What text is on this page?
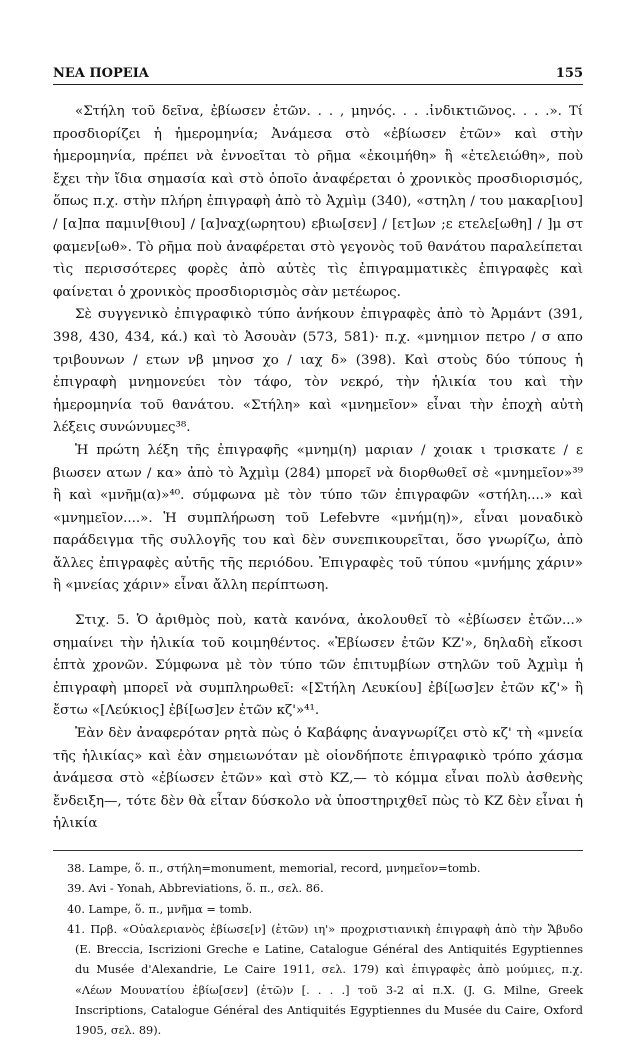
ΝΕΑ ΠΟΡΕΙΑ	155

«Στήλη τοῦ δεῖνα, ἐβίωσεν ἐτῶν. . . , μηνός. . . .ἰνδικτιῶνος. . . .». Τί προσδιορίζει ἡ ἡμερομηνία; Ἀνάμεσα στὸ «ἐβίωσεν ἐτῶν» καὶ στὴν ἡμερομηνία, πρέπει νὰ ἐννοεῖται τὸ ρῆμα «ἐκοιμήθη» ἢ «ἐτελειώθη», ποὺ ἔχει τὴν ἴδια σημασία καὶ στὸ ὁποῖο ἀναφέρεται ὁ χρονικὸς προσδιορισμός, ὅπως π.χ. στὴν πλήρη ἐπιγραφὴ ἀπὸ τὸ Ἀχμὶμ (340), «στηλη / του μακαρ[ιου] / [α]πα παμιν[θιου] / [α]ναχ(ωρητου) εβιω[σεν] / [ετ]ων ;ε ετελε[ωθη] / ]μ στ φαμεν[ωθ». Τὸ ρῆμα ποὺ ἀναφέρεται στὸ γεγονὸς τοῦ θανάτου παραλείπεται τὶς περισσότερες φορὲς ἀπὸ αὐτὲς τὶς ἐπιγραμματικὲς ἐπιγραφὲς καὶ φαίνεται ὁ χρονικὸς προσδιορισμὸς σὰν μετέωρος.

Σὲ συγγενικὸ ἐπιγραφικὸ τύπο ἀνήκουν ἐπιγραφὲς ἀπὸ τὸ Ἁρμάντ (391, 398, 430, 434, κά.) καὶ τὸ Ἀσουὰν (573, 581)· π.χ. «μνημιον πετρο / σ απο τριβουνων / ετων νβ μηνοσ χο / ιαχ δ» (398). Καὶ στοὺς δύο τύπους ἡ ἐπιγραφὴ μνημονεύει τὸν τάφο, τὸν νεκρό, τὴν ἡλικία του καὶ τὴν ἡμερομηνία τοῦ θανάτου. «Στήλη» καὶ «μνημεῖον» εἶναι τὴν ἐποχὴ αὐτὴ λέξεις συνώνυμες³⁸.

Ἡ πρώτη λέξη τῆς ἐπιγραφῆς «μνημ(η) μαριαν / χοιακ ι τρισκατε / ε βιωσεν ατων / κα» ἀπὸ τὸ Ἀχμὶμ (284) μπορεῖ νὰ διορθωθεῖ σὲ «μνημεῖον»³⁹ ἢ καὶ «μνῆμ(α)»⁴⁰. σύμφωνα μὲ τὸν τύπο τῶν ἐπιγραφῶν «στήλη....» καὶ «μνημεῖον....». Ἡ συμπλήρωση τοῦ Lefebvre «μνήμ(η)», εἶναι μοναδικὸ παράδειγμα τῆς συλλογῆς του καὶ δὲν συνεπικουρεῖται, ὅσο γνωρίζω, ἀπὸ ἄλλες ἐπιγραφὲς αὐτῆς τῆς περιόδου. Ἐπιγραφὲς τοῦ τύπου «μνήμης χάριν» ἢ «μνείας χάριν» εἶναι ἄλλη περίπτωση.

Στιχ. 5. Ὁ ἀριθμὸς ποὺ, κατὰ κανόνα, ἀκολουθεῖ τὸ «ἐβίωσεν ἐτῶν...» σημαίνει τὴν ἡλικία τοῦ κοιμηθέντος. «Ἐβίωσεν ἐτῶν ΚΖ'», δηλαδὴ εἴκοσι ἑπτὰ χρονῶν. Σύμφωνα μὲ τὸν τύπο τῶν ἐπιτυμβίων στηλῶν τοῦ Ἀχμὶμ ἡ ἐπιγραφὴ μπορεῖ νὰ συμπληρωθεῖ: «[Στήλη Λευκίου] ἐβί[ωσ]εν ἐτῶν κζ'» ἢ ἔστω «[Λεύκιος] ἐβί[ωσ]εν ἐτῶν κζ'»⁴¹.

Ἐὰν δὲν ἀναφερόταν ρητὰ πὼς ὁ Καβάφης ἀναγνωρίζει στὸ κζ' τὴ «μνεία τῆς ἡλικίας» καὶ ἐὰν σημειωνόταν μὲ οἱονδήποτε ἐπιγραφικὸ τρόπο χάσμα ἀνάμεσα στὸ «ἐβίωσεν ἐτῶν» καὶ στὸ ΚΖ,— τὸ κόμμα εἶναι πολὺ ἀσθενὴς ἔνδειξη—, τότε δὲν θὰ εἶταν δύσκολο νὰ ὑποστηριχθεῖ πὼς τὸ ΚΖ δὲν εἶναι ἡ ἡλικία

38. Lampe, ὅ. π., στήλη=monument, memorial, record, μνημεῖον=tomb.

39. Avi - Yonah, Abbreviations, ὅ. π., σελ. 86.

40. Lampe, ὅ. π., μνῆμα = tomb.

41. Πρβ. «Οὐαλεριανὸς ἐβίωσε[ν] (ἐτῶν) ιη'» προχριστιανικὴ ἐπιγραφὴ ἀπὸ τὴν Ἄβυδο (E. Breccia, Iscrizioni Greche e Latine, Catalogue Général des Antiquités Egyptiennes du Musée d'Alexandrie, Le Caire 1911, σελ. 179) καὶ ἐπιγραφὲς ἀπὸ μούμιες, π.χ. «Λέων Μουνατίου ἐβίω[σεν] (ἐτῶ)ν [. . . .] τοῦ 3-2 αἰ π.Χ. (J. G. Milne, Greek Inscriptions, Catalogue Général des Antiquités Egyptiennes du Musée du Caire, Oxford 1905, σελ. 89).
